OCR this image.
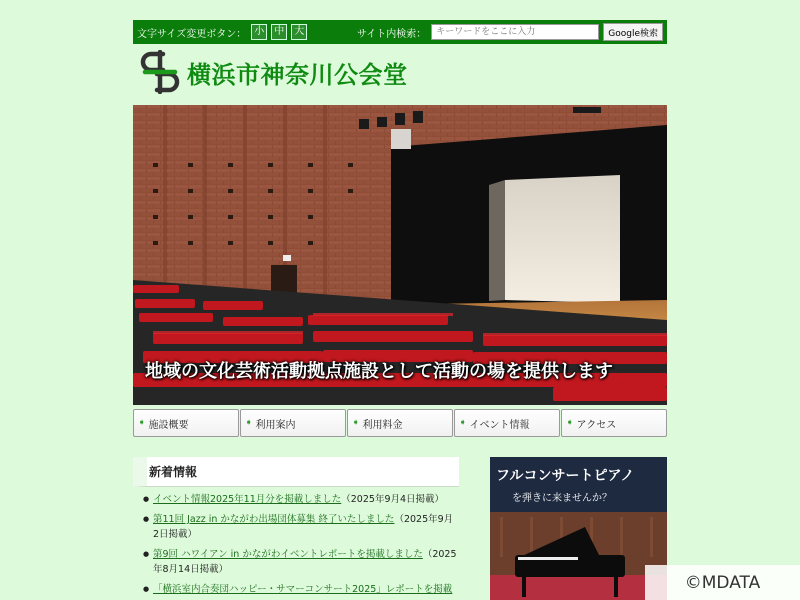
文字サイズ変更ボタン： 小	中	大	サイト内検索：
キーワードをここに入力	Google検索
横浜市神奈川公会堂
地域の文化芸術活動拠点施設として活動の場を提供します
➧ 施設概要	➧ 利用案内	➧ 利用料金	➧ イベント情報	➧ アクセス
新着情報
● イベント情報2025年11月分を掲載しました（2025年9月4日掲載）
● 第11回 Jazz in かながわ出場団体募集 終了いたしました（2025年9月2日掲載）
● 第9回 ハワイアン in かながわイベントレポートを掲載しました（2025年8月14日掲載）
● 「横浜室内合奏団ハッピー・サマーコンサート2025」レポートを掲載
フルコンサートピアノ
を弾きに来ませんか？
©MDATA
